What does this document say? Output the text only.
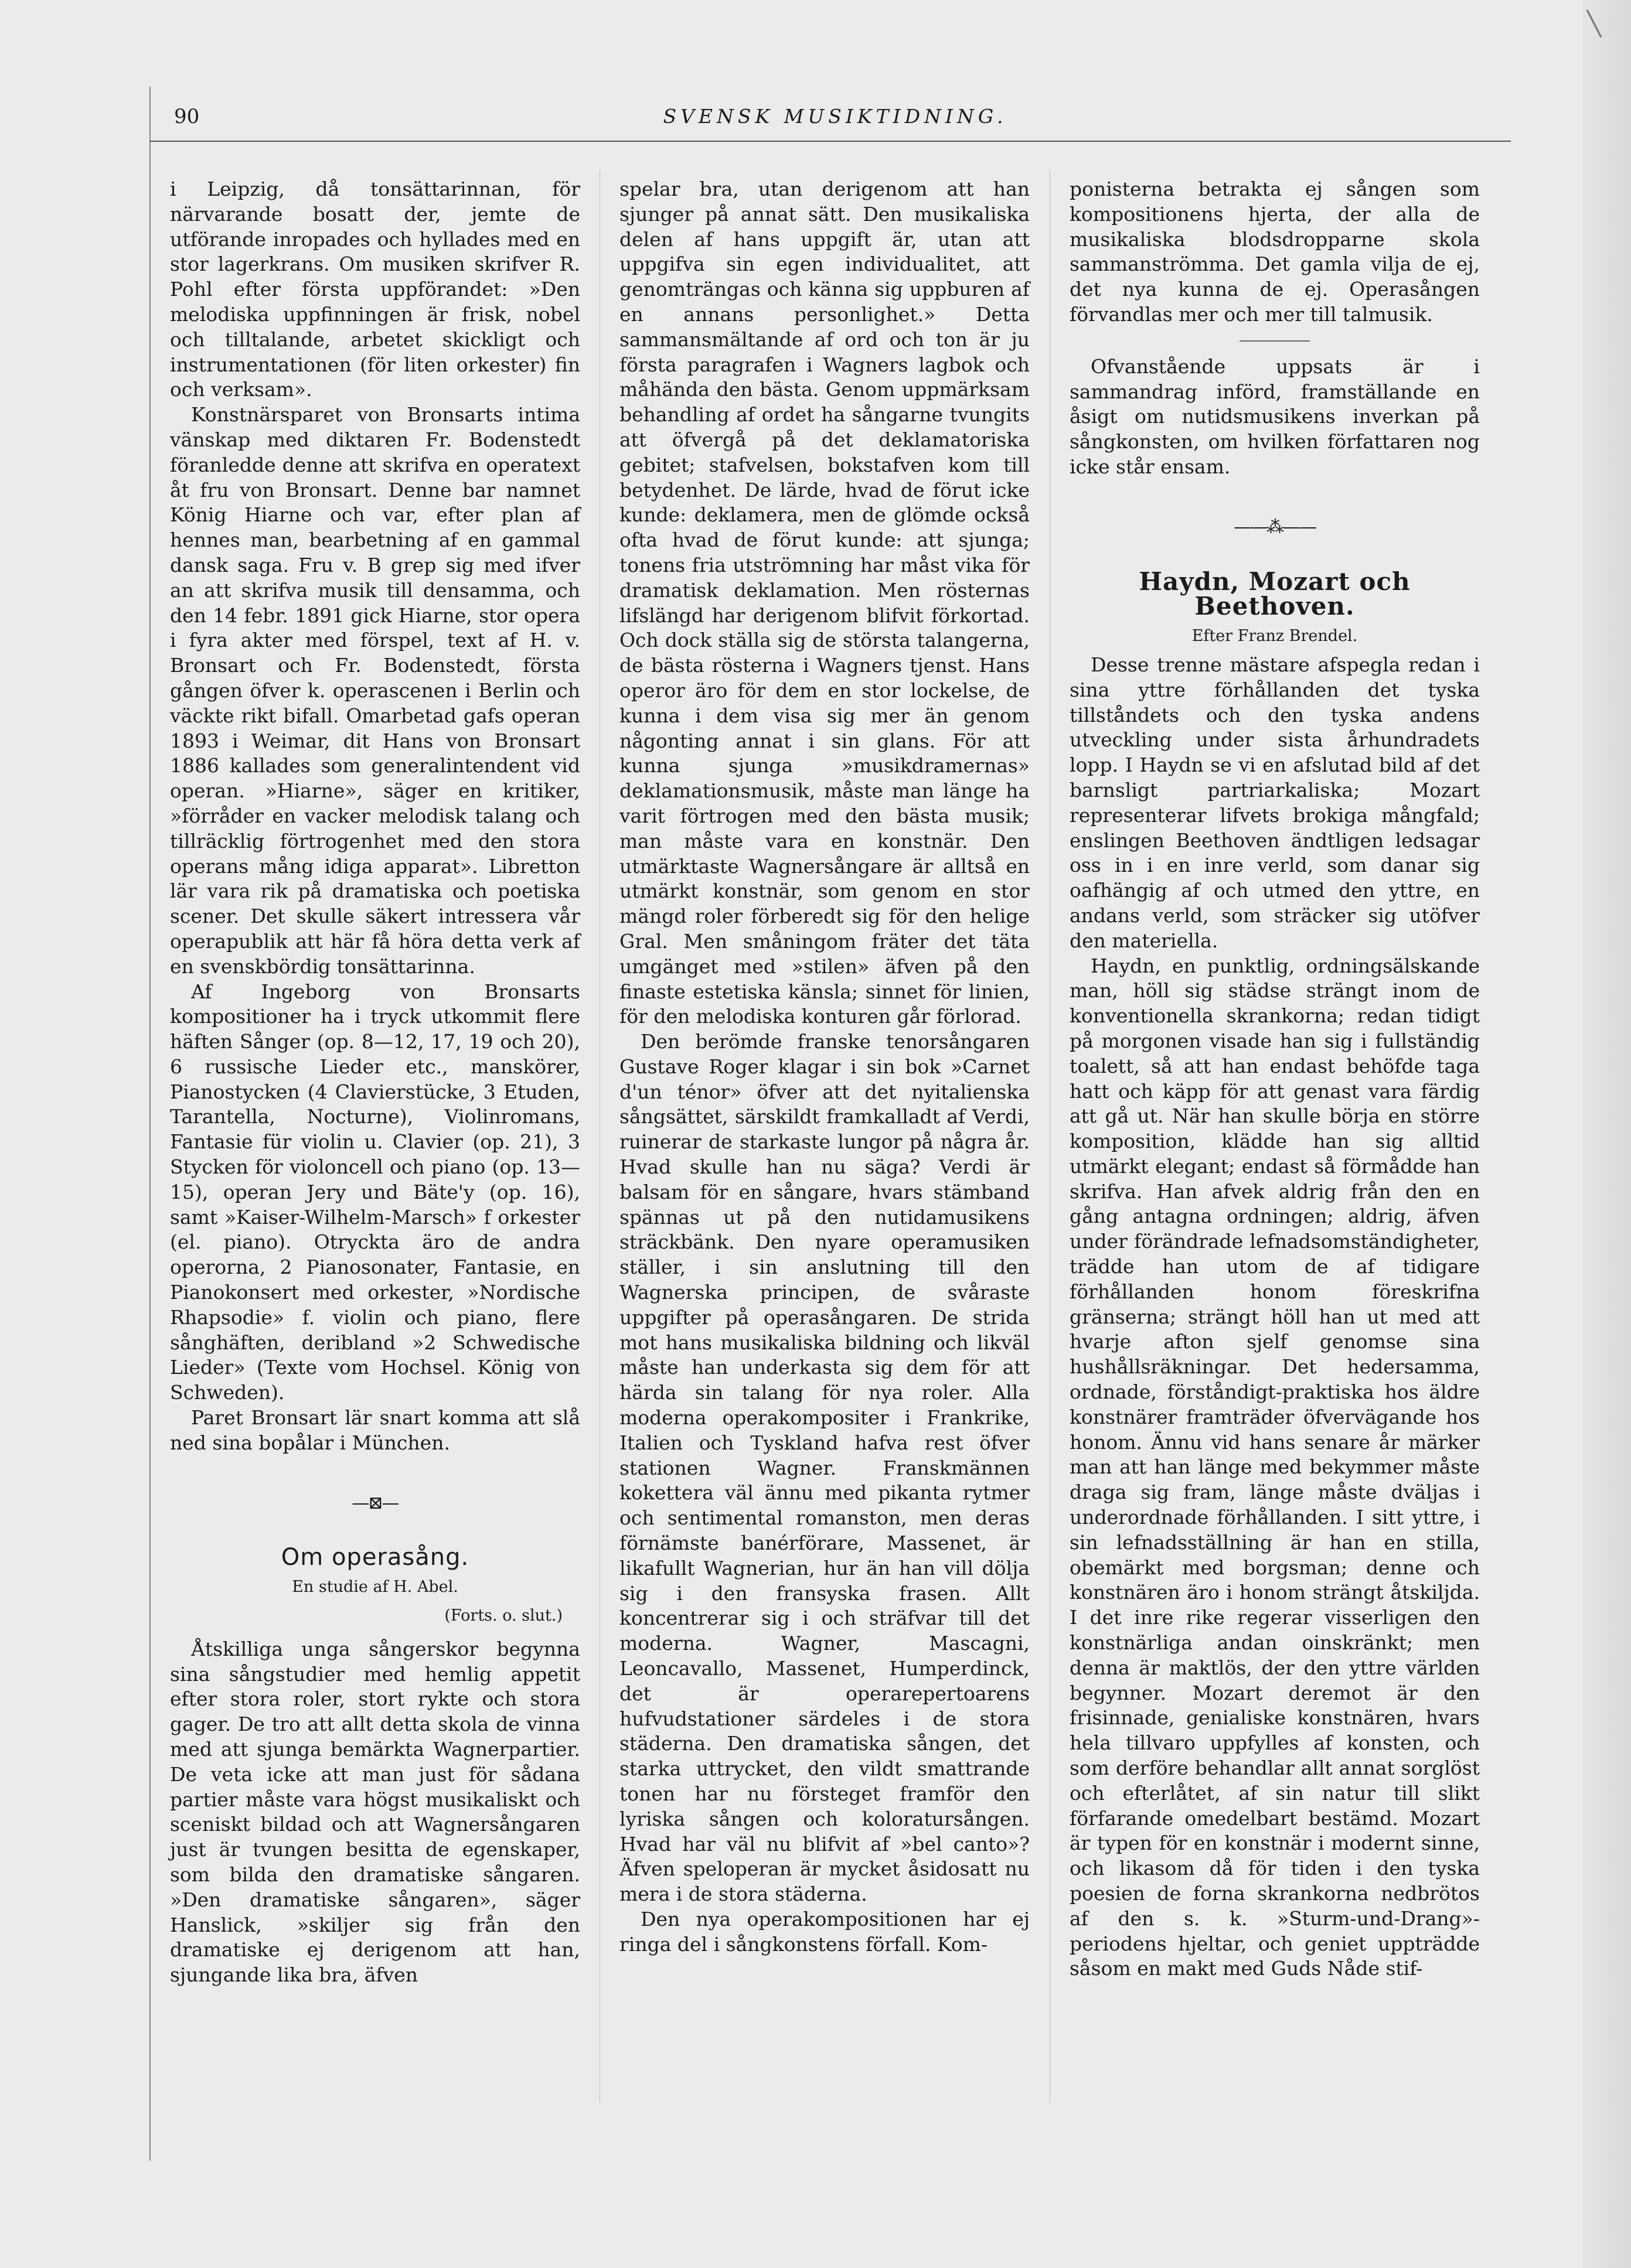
╲
90	SVENSK MUSIKTIDNING.

i Leipzig, då tonsättarinnan, för närvarande bosatt der, jemte de utförande inropades och hyllades med en stor lagerkrans. Om musiken skrifver R. Pohl efter första uppförandet: »Den melodiska uppfinningen är frisk, nobel och tilltalande, arbetet skickligt och instrumentationen (för liten orkester) fin och verksam».

Konstnärsparet von Bronsarts intima vänskap med diktaren Fr. Bodenstedt föranledde denne att skrifva en operatext åt fru von Bronsart. Denne bar namnet König Hiarne och var, efter plan af hennes man, bearbetning af en gammal dansk saga. Fru v. B grep sig med ifver an att skrifva musik till densamma, och den 14 febr. 1891 gick Hiarne, stor opera i fyra akter med förspel, text af H. v. Bronsart och Fr. Bodenstedt, första gången öfver k. operascenen i Berlin och väckte rikt bifall. Omarbetad gafs operan 1893 i Weimar, dit Hans von Bronsart 1886 kallades som generalintendent vid operan. »Hiarne», säger en kritiker, »förråder en vacker melodisk talang och tillräcklig förtrogenhet med den stora operans mång idiga apparat». Libretton lär vara rik på dramatiska och poetiska scener. Det skulle säkert intressera vår operapublik att här få höra detta verk af en svenskbördig tonsättarinna.

Af Ingeborg von Bronsarts kompositioner ha i tryck utkommit flere häften Sånger (op. 8—12, 17, 19 och 20), 6 russische Lieder etc., manskörer, Pianostycken (4 Clavierstücke, 3 Etuden, Tarantella, Nocturne), Violinromans, Fantasie für violin u. Clavier (op. 21), 3 Stycken för violoncell och piano (op. 13—15), operan Jery und Bäte'y (op. 16), samt »Kaiser-Wilhelm-Marsch» f orkester (el. piano). Otryckta äro de andra operorna, 2 Pianosonater, Fantasie, en Pianokonsert med orkester, »Nordische Rhapsodie» f. violin och piano, flere sånghäften, deribland »2 Schwedische Lieder» (Texte vom Hochsel. König von Schweden).

Paret Bronsart lär snart komma att slå ned sina bopålar i München.

—⊠—
Om operasång.
En studie af H. Abel.
(Forts. o. slut.)

Åtskilliga unga sångerskor begynna sina sångstudier med hemlig appetit efter stora roler, stort rykte och stora gager. De tro att allt detta skola de vinna med att sjunga bemärkta Wagnerpartier. De veta icke att man just för sådana partier måste vara högst musikaliskt och sceniskt bildad och att Wagnersångaren just är tvungen besitta de egenskaper, som bilda den dramatiske sångaren. »Den dramatiske sångaren», säger Hanslick, »skiljer sig från den dramatiske ej derigenom att han, sjungande lika bra, äfven

spelar bra, utan derigenom att han sjunger på annat sätt. Den musikaliska delen af hans uppgift är, utan att uppgifva sin egen individualitet, att genomträngas och känna sig uppburen af en annans personlighet.» Detta sammansmältande af ord och ton är ju första paragrafen i Wagners lagbok och måhända den bästa. Genom uppmärksam behandling af ordet ha sångarne tvungits att öfvergå på det deklamatoriska gebitet; stafvelsen, bokstafven kom till betydenhet. De lärde, hvad de förut icke kunde: deklamera, men de glömde också ofta hvad de förut kunde: att sjunga; tonens fria utströmning har måst vika för dramatisk deklamation. Men rösternas lifslängd har derigenom blifvit förkortad. Och dock ställa sig de största talangerna, de bästa rösterna i Wagners tjenst. Hans operor äro för dem en stor lockelse, de kunna i dem visa sig mer än genom någonting annat i sin glans. För att kunna sjunga »musikdramernas» deklamationsmusik, måste man länge ha varit förtrogen med den bästa musik; man måste vara en konstnär. Den utmärktaste Wagnersångare är alltså en utmärkt konstnär, som genom en stor mängd roler förberedt sig för den helige Gral. Men småningom fräter det täta umgänget med »stilen» äfven på den finaste estetiska känsla; sinnet för linien, för den melodiska konturen går förlorad.

Den berömde franske tenorsångaren Gustave Roger klagar i sin bok »Carnet d'un ténor» öfver att det nyitalienska sångsättet, särskildt framkalladt af Verdi, ruinerar de starkaste lungor på några år. Hvad skulle han nu säga? Verdi är balsam för en sångare, hvars stämband spännas ut på den nutidamusikens sträckbänk. Den nyare operamusiken ställer, i sin anslutning till den Wagnerska principen, de svåraste uppgifter på operasångaren. De strida mot hans musikaliska bildning och likväl måste han underkasta sig dem för att härda sin talang för nya roler. Alla moderna operakompositer i Frankrike, Italien och Tyskland hafva rest öfver stationen Wagner. Franskmännen kokettera väl ännu med pikanta rytmer och sentimental romanston, men deras förnämste banérförare, Massenet, är likafullt Wagnerian, hur än han vill dölja sig i den fransyska frasen. Allt koncentrerar sig i och sträfvar till det moderna. Wagner, Mascagni, Leoncavallo, Massenet, Humperdinck, det är operarepertoarens hufvudstationer särdeles i de stora städerna. Den dramatiska sången, det starka uttrycket, den vildt smattrande tonen har nu försteget framför den lyriska sången och koloratursången. Hvad har väl nu blifvit af »bel canto»? Äfven speloperan är mycket åsidosatt nu mera i de stora städerna.

Den nya operakompositionen har ej ringa del i sångkonstens förfall. Kom-

ponisterna betrakta ej sången som kompositionens hjerta, der alla de musikaliska blodsdropparne skola sammanströmma. Det gamla vilja de ej, det nya kunna de ej. Operasången förvandlas mer och mer till talmusik.

Ofvanstående uppsats är i sammandrag införd, framställande en åsigt om nutidsmusikens inverkan på sångkonsten, om hvilken författaren nog icke står ensam.

——⁂——
Haydn, Mozart och Beethoven.
Efter Franz Brendel.

Desse trenne mästare afspegla redan i sina yttre förhållanden det tyska tillståndets och den tyska andens utveckling under sista århundradets lopp. I Haydn se vi en afslutad bild af det barnsligt partriarkaliska; Mozart representerar lifvets brokiga mångfald; enslingen Beethoven ändtligen ledsagar oss in i en inre verld, som danar sig oafhängig af och utmed den yttre, en andans verld, som sträcker sig utöfver den materiella.

Haydn, en punktlig, ordningsälskande man, höll sig städse strängt inom de konventionella skrankorna; redan tidigt på morgonen visade han sig i fullständig toalett, så att han endast behöfde taga hatt och käpp för att genast vara färdig att gå ut. När han skulle börja en större komposition, klädde han sig alltid utmärkt elegant; endast så förmådde han skrifva. Han afvek aldrig från den en gång antagna ordningen; aldrig, äfven under förändrade lefnadsomständigheter, trädde han utom de af tidigare förhållanden honom föreskrifna gränserna; strängt höll han ut med att hvarje afton sjelf genomse sina hushållsräkningar. Det hedersamma, ordnade, förståndigt-praktiska hos äldre konstnärer framträder öfvervägande hos honom. Ännu vid hans senare år märker man att han länge med bekymmer måste draga sig fram, länge måste dväljas i underordnade förhållanden. I sitt yttre, i sin lefnadsställning är han en stilla, obemärkt med borgsman; denne och konstnären äro i honom strängt åtskiljda. I det inre rike regerar visserligen den konstnärliga andan oinskränkt; men denna är maktlös, der den yttre världen begynner. Mozart deremot är den frisinnade, genialiske konstnären, hvars hela tillvaro uppfylles af konsten, och som derföre behandlar allt annat sorglöst och efterlåtet, af sin natur till slikt förfarande omedelbart bestämd. Mozart är typen för en konstnär i modernt sinne, och likasom då för tiden i den tyska poesien de forna skrankorna nedbrötos af den s. k. »Sturm-und-Drang»-periodens hjeltar, och geniet uppträdde såsom en makt med Guds Nåde stif-
